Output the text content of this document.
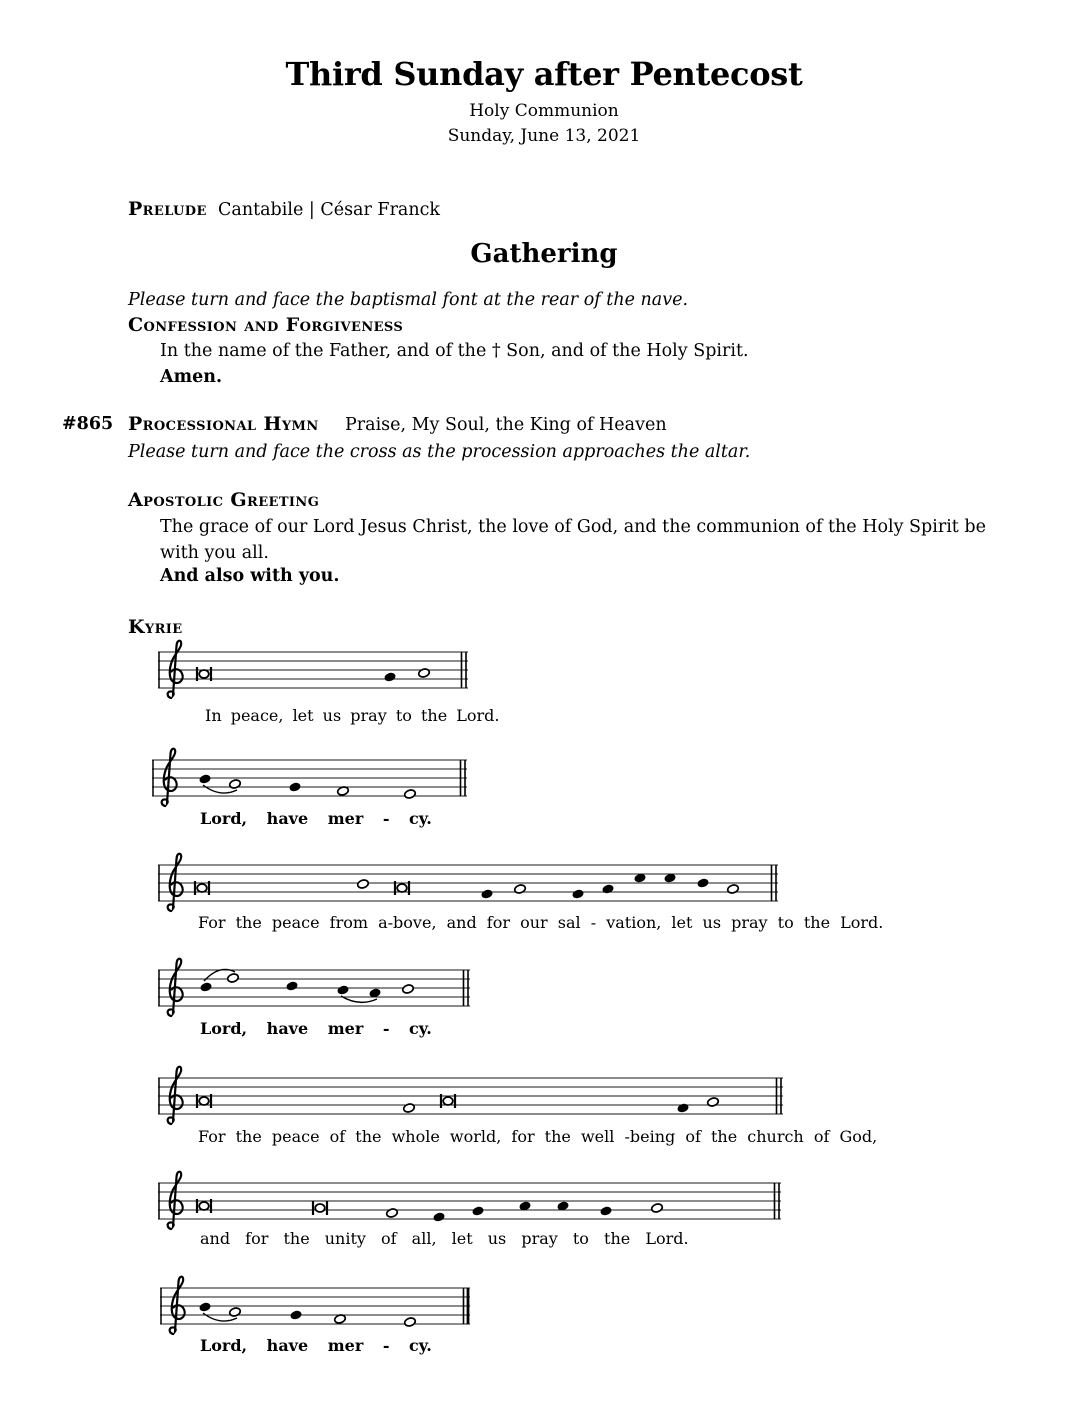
Third Sunday after Pentecost
Holy Communion
Sunday, June 13, 2021
Prelude Cantabile | César Franck
Gathering
Please turn and face the baptismal font at the rear of the nave.
Confession and Forgiveness
In the name of the Father, and of the † Son, and of the Holy Spirit.
Amen.
#865 Processional Hymn Praise, My Soul, the King of Heaven
Please turn and face the cross as the procession approaches the altar.
Apostolic Greeting
The grace of our Lord Jesus Christ, the love of God, and the communion of the Holy Spirit be with you all.
And also with you.
Kyrie
In peace, let us pray to the Lord.
Lord, have mer - cy.
For the peace from a-bove, and for our sal - vation, let us pray to the Lord.
Lord, have mer - cy.
For the peace of the whole world, for the well -being of the church of God,
and for the unity of all, let us pray to the Lord.
Lord, have mer - cy.
